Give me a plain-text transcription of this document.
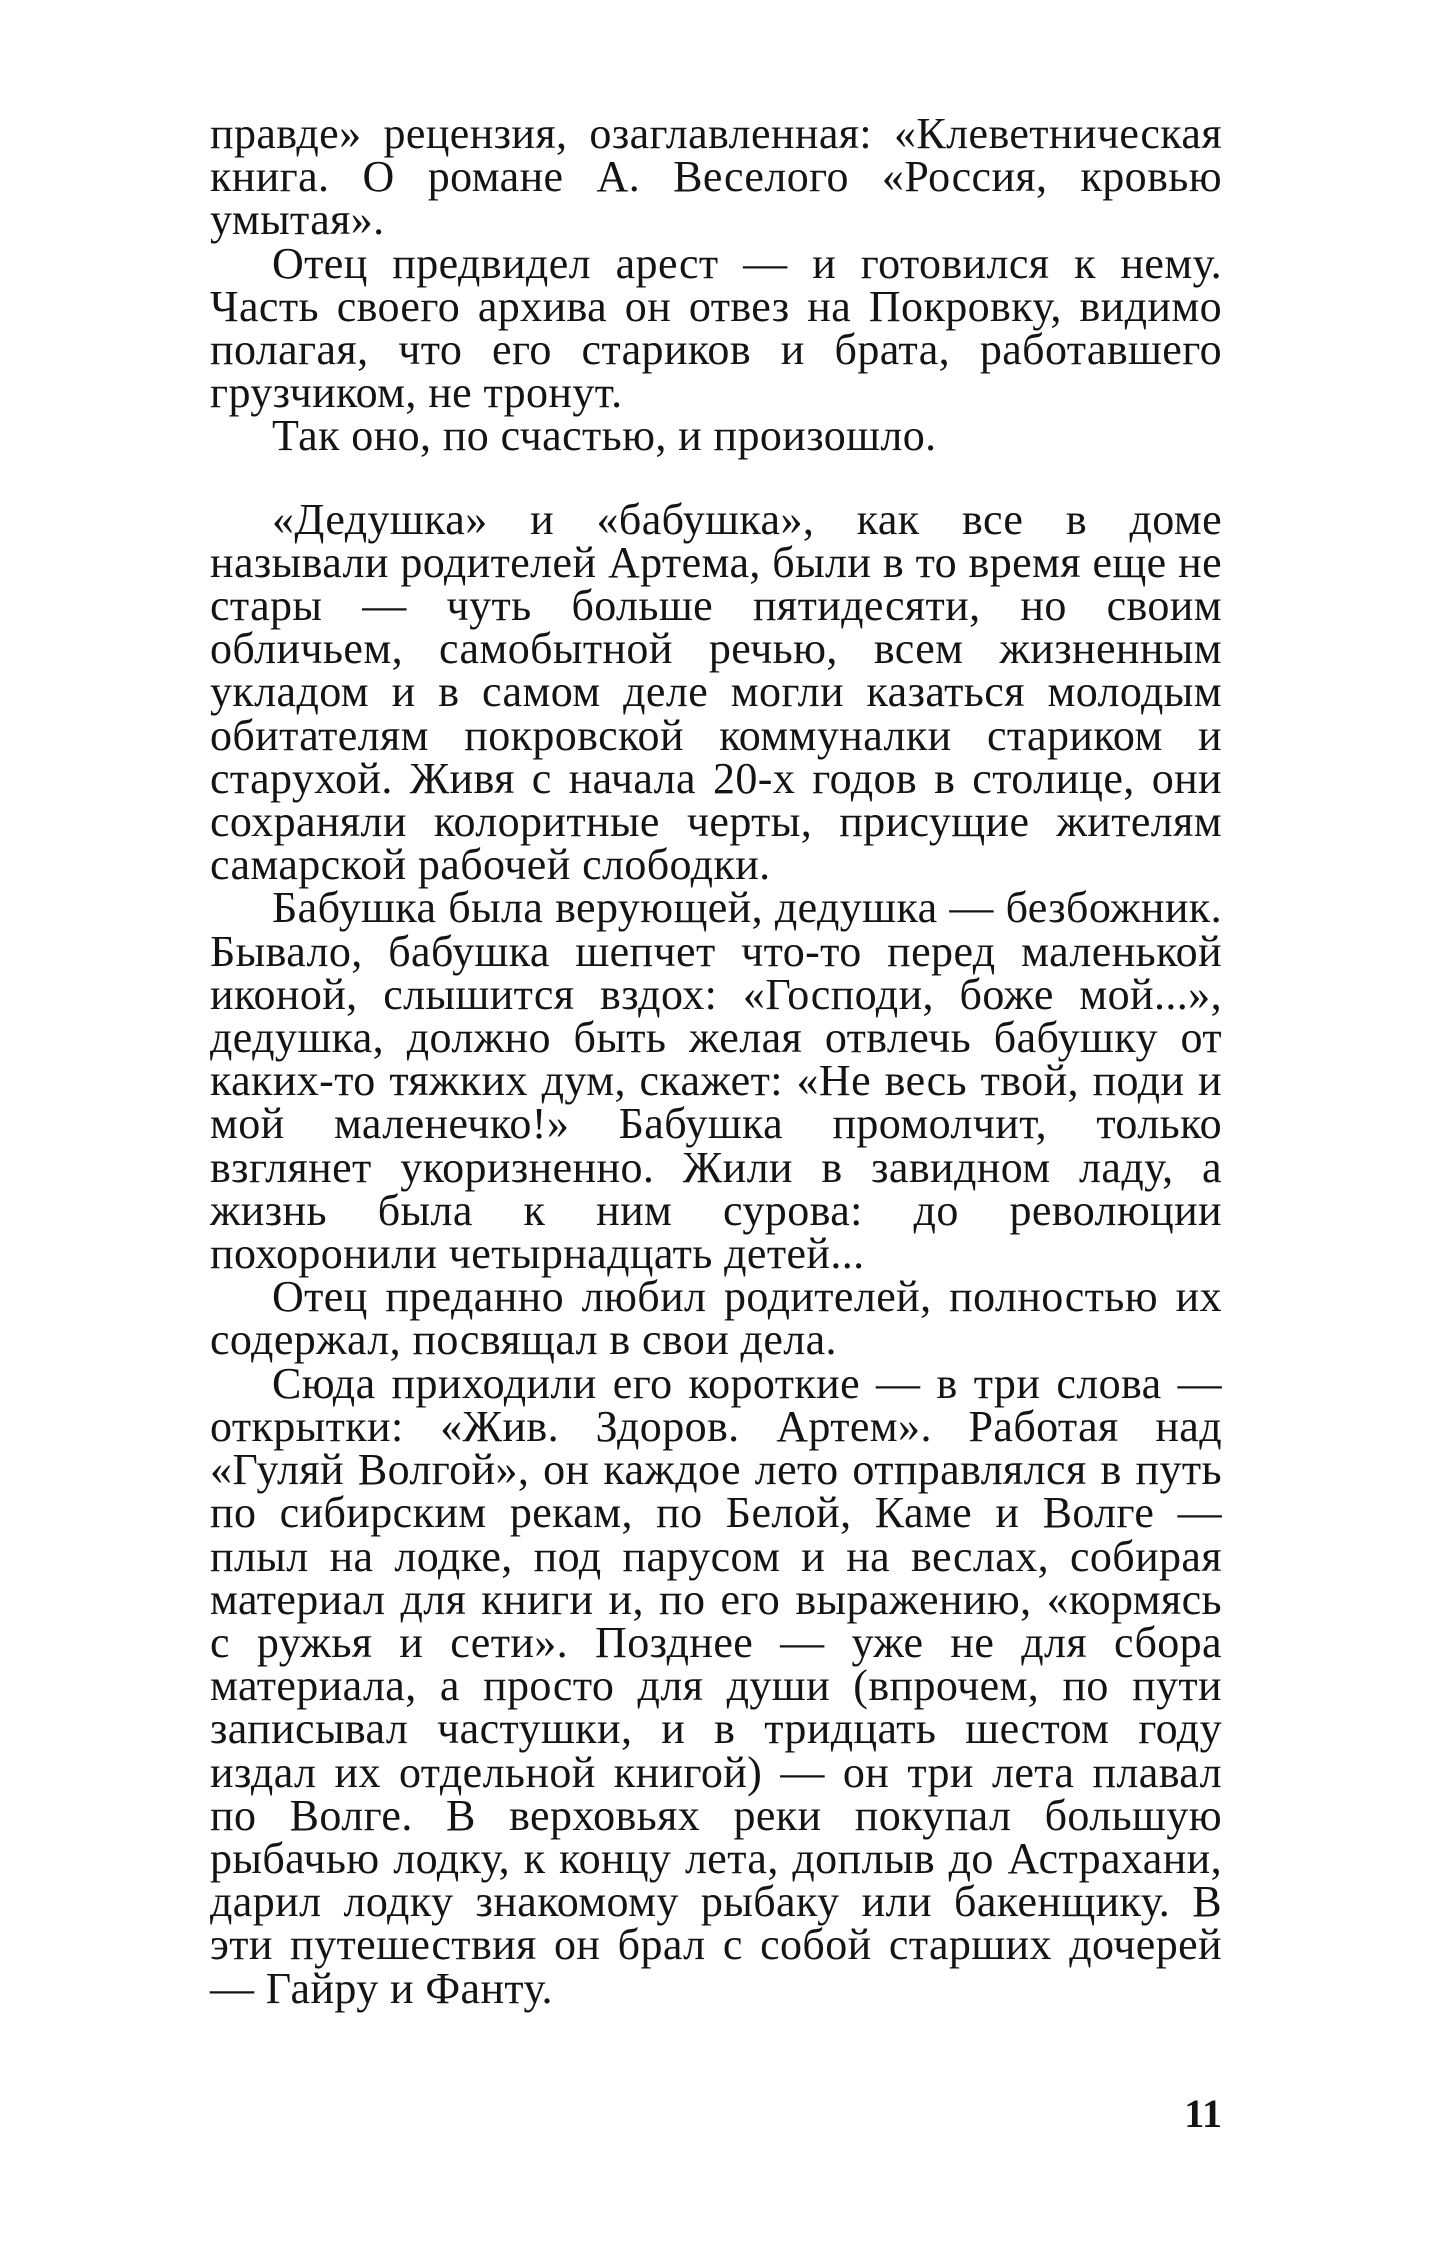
правде» рецензия, озаглавленная: «Клеветническая книга. О романе А. Веселого «Россия, кровью умытая».

Отец предвидел арест — и готовился к нему. Часть своего архива он отвез на Покровку, видимо полагая, что его стариков и брата, работавшего грузчиком, не тронут.

Так оно, по счастью, и произошло.

«Дедушка» и «бабушка», как все в доме называли родителей Артема, были в то время еще не стары — чуть больше пятидесяти, но своим обличьем, самобытной речью, всем жизненным укладом и в самом деле могли казаться молодым обитателям покровской коммуналки стариком и старухой. Живя с начала 20-х годов в столице, они сохраняли колоритные черты, присущие жителям самарской рабочей слободки.

Бабушка была верующей, дедушка — безбожник. Бывало, бабушка шепчет что-то перед маленькой иконой, слышится вздох: «Господи, боже мой...», дедушка, должно быть желая отвлечь бабушку от каких-то тяжких дум, скажет: «Не весь твой, поди и мой маленечко!» Бабушка промолчит, только взглянет укоризненно. Жили в завидном ладу, а жизнь была к ним сурова: до революции похоронили четырнадцать детей...

Отец преданно любил родителей, полностью их содержал, посвящал в свои дела.

Сюда приходили его короткие — в три слова — открытки: «Жив. Здоров. Артем». Работая над «Гуляй Волгой», он каждое лето отправлялся в путь по сибирским рекам, по Белой, Каме и Волге — плыл на лодке, под парусом и на веслах, собирая материал для книги и, по его выражению, «кормясь с ружья и сети». Позднее — уже не для сбора материала, а просто для души (впрочем, по пути записывал частушки, и в тридцать шестом году издал их отдельной книгой) — он три лета плавал по Волге. В верховьях реки покупал большую рыбачью лодку, к концу лета, доплыв до Астрахани, дарил лодку знакомому рыбаку или бакенщику. В эти путешествия он брал с собой старших дочерей — Гайру и Фанту.

11
